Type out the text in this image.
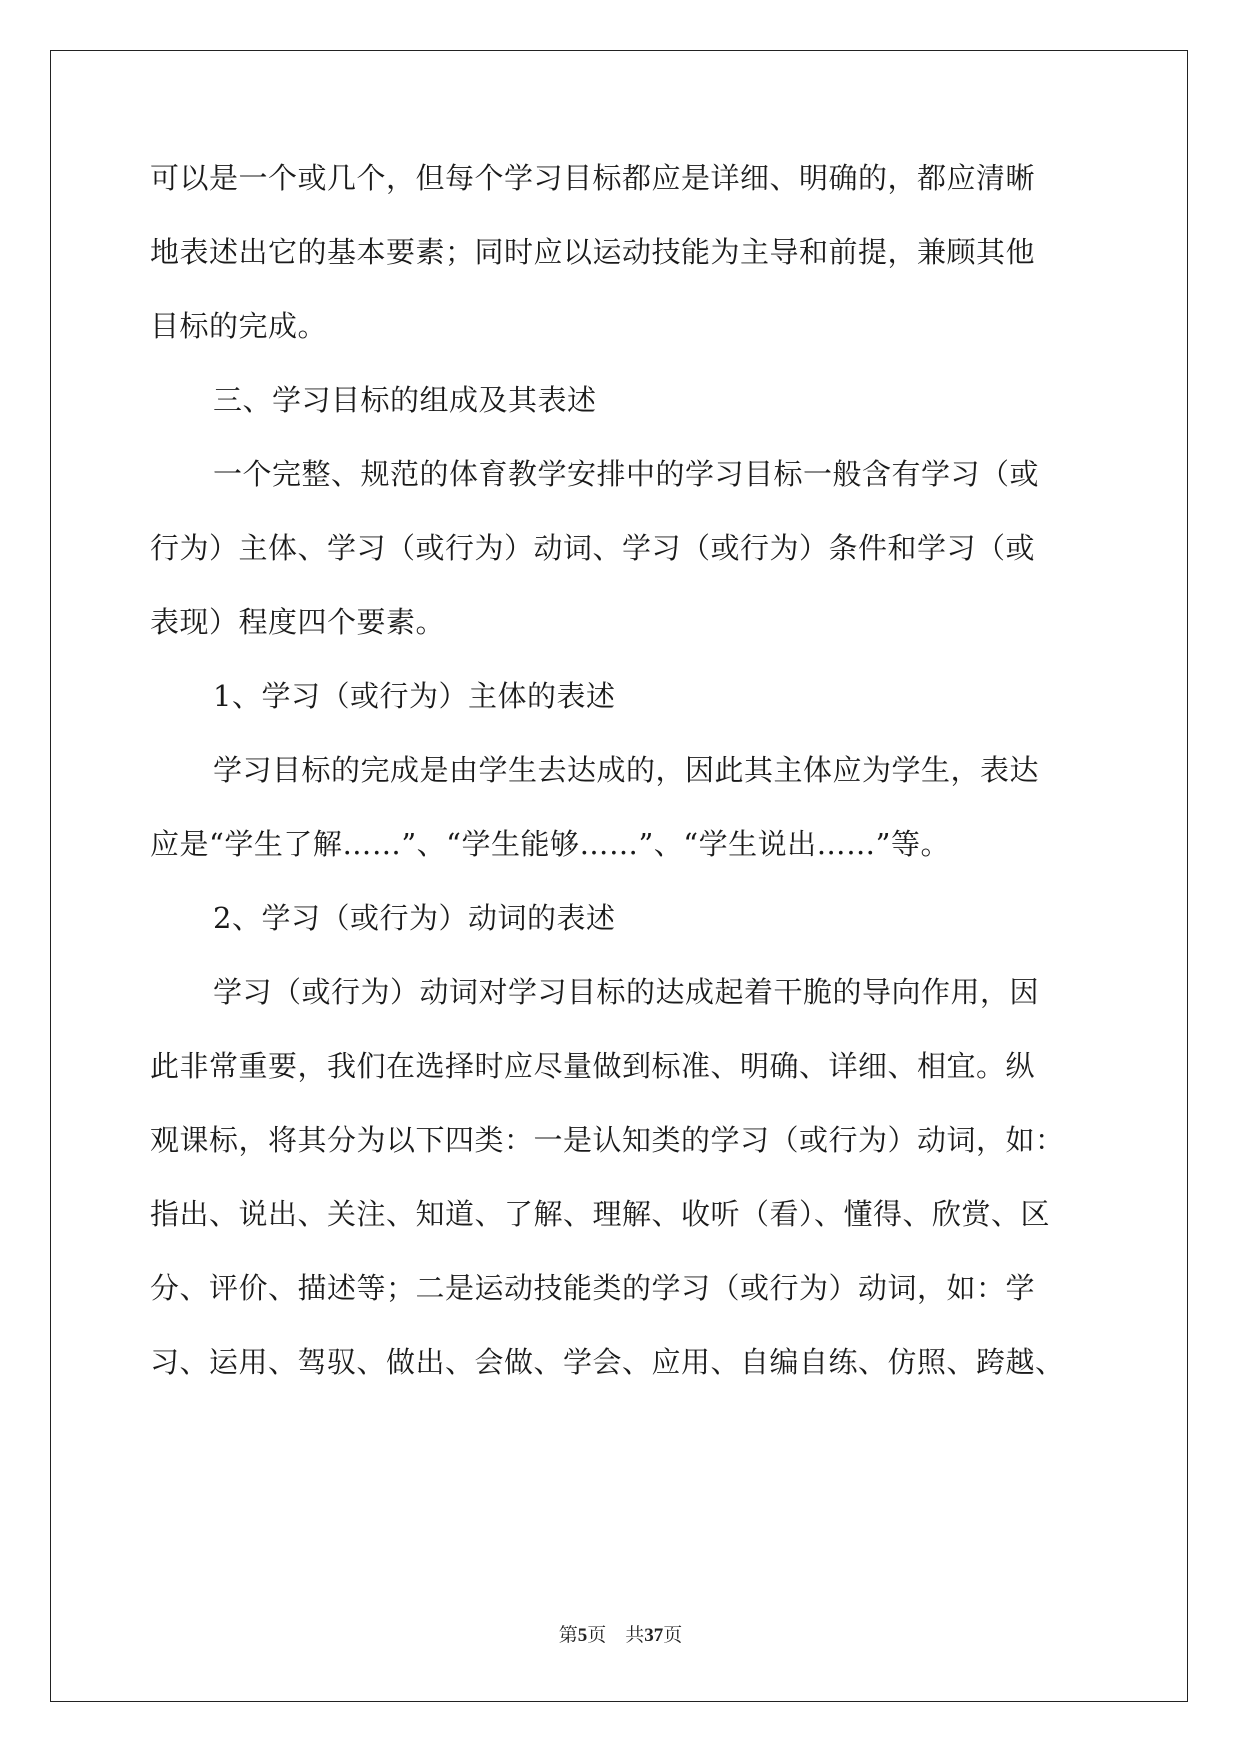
可以是一个或几个，但每个学习目标都应是详细、明确的，都应清晰
地表述出它的基本要素；同时应以运动技能为主导和前提，兼顾其他
目标的完成。
三、学习目标的组成及其表述
一个完整、规范的体育教学安排中的学习目标一般含有学习（或
行为）主体、学习（或行为）动词、学习（或行为）条件和学习（或
表现）程度四个要素。
1、学习（或行为）主体的表述
学习目标的完成是由学生去达成的，因此其主体应为学生，表达
应是“学生了解……”、“学生能够……”、“学生说出……”等。
2、学习（或行为）动词的表述
学习（或行为）动词对学习目标的达成起着干脆的导向作用，因
此非常重要，我们在选择时应尽量做到标准、明确、详细、相宜。纵
观课标，将其分为以下四类：一是认知类的学习（或行为）动词，如：
指出、说出、关注、知道、了解、理解、收听（看）、懂得、欣赏、区
分、评价、描述等；二是运动技能类的学习（或行为）动词，如：学
习、运用、驾驭、做出、会做、学会、应用、自编自练、仿照、跨越、
第5页　共37页
